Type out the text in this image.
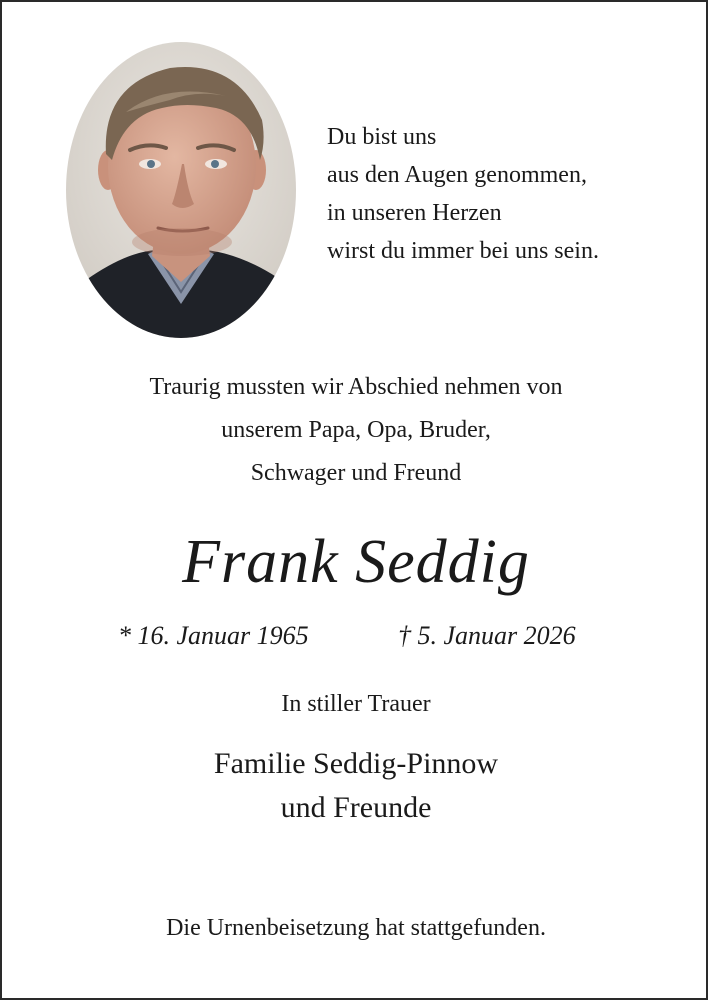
Du bist uns
aus den Augen genommen,
in unseren Herzen
wirst du immer bei uns sein.
Traurig mussten wir Abschied nehmen von
unserem Papa, Opa, Bruder,
Schwager und Freund
Frank Seddig
* 16. Januar 1965	† 5. Januar 2026
In stiller Trauer
Familie Seddig-Pinnow
und Freunde
Die Urnenbeisetzung hat stattgefunden.
